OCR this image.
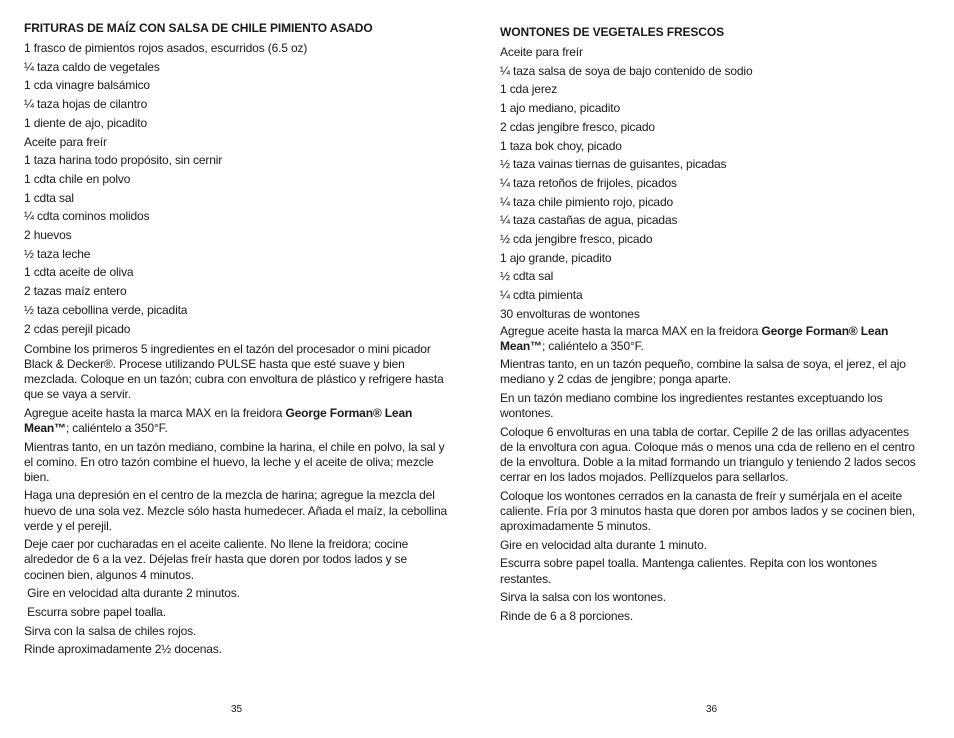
FRITURAS DE MAÍZ CON SALSA DE CHILE PIMIENTO ASADO
1 frasco de pimientos rojos asados, escurridos (6.5 oz)
¼ taza caldo de vegetales
1 cda vinagre balsámico
¼ taza hojas de cilantro
1 diente de ajo, picadito
Aceite para freír
1 taza harina todo propósito, sin cernir
1 cdta chile en polvo
1 cdta sal
¼ cdta cominos molidos
2 huevos
½ taza leche
1 cdta aceite de oliva
2 tazas maíz entero
½ taza cebollina verde, picadita
2 cdas perejil picado
Combine los primeros 5 ingredientes en el tazón del procesador o mini picador Black & Decker®. Procese utilizando PULSE hasta que esté suave y bien mezclada. Coloque en un tazón; cubra con envoltura de plástico y refrigere hasta que se vaya a servir.
Agregue aceite hasta la marca MAX en la freidora George Forman® Lean Mean™; caliéntelo a 350°F.
Mientras tanto, en un tazón mediano, combine la harina, el chile en polvo, la sal y el comino. En otro tazón combine el huevo, la leche y el aceite de oliva; mezcle bien.
Haga una depresión en el centro de la mezcla de harina; agregue la mezcla del huevo de una sola vez. Mezcle sólo hasta humedecer. Añada el maíz, la cebollina verde y el perejil.
Deje caer por cucharadas en el aceite caliente. No llene la freidora; cocine alrededor de 6 a la vez. Déjelas freír hasta que doren por todos lados y se cocinen bien, algunos 4 minutos.
Gire en velocidad alta durante 2 minutos.
Escurra sobre papel toalla.
Sirva con la salsa de chiles rojos.
Rinde aproximadamente 2½ docenas.
WONTONES DE VEGETALES FRESCOS
Aceite para freír
¼ taza salsa de soya de bajo contenido de sodio
1 cda jerez
1 ajo mediano, picadito
2 cdas jengibre fresco, picado
1 taza bok choy, picado
½ taza vainas tiernas de guisantes, picadas
¼ taza retoños de frijoles, picados
¼ taza chile pimiento rojo, picado
¼ taza castañas de agua, picadas
½ cda jengibre fresco, picado
1 ajo grande, picadito
½ cdta sal
¼ cdta pimienta
30 envolturas de wontones
Agregue aceite hasta la marca MAX en la freidora George Forman® Lean Mean™; caliéntelo a 350°F.
Mientras tanto, en un tazón pequeño, combine la salsa de soya, el jerez, el ajo mediano y 2 cdas de jengibre; ponga aparte.
En un tazón mediano combine los ingredientes restantes exceptuando los wontones.
Coloque 6 envolturas en una tabla de cortar. Cepille 2 de las orillas adyacentes de la envoltura con agua. Coloque más o menos una cda de relleno en el centro de la envoltura. Doble a la mitad formando un triangulo y teniendo 2 lados secos cerrar en los lados mojados. Pellízquelos para sellarlos.
Coloque los wontones cerrados en la canasta de freír y sumérjala en el aceite caliente. Fría por 3 minutos hasta que doren por ambos lados y se cocinen bien, aproximadamente 5 minutos.
Gire en velocidad alta durante 1 minuto.
Escurra sobre papel toalla. Mantenga calientes. Repita con los wontones restantes.
Sirva la salsa con los wontones.
Rinde de 6 a 8 porciones.
35	36
